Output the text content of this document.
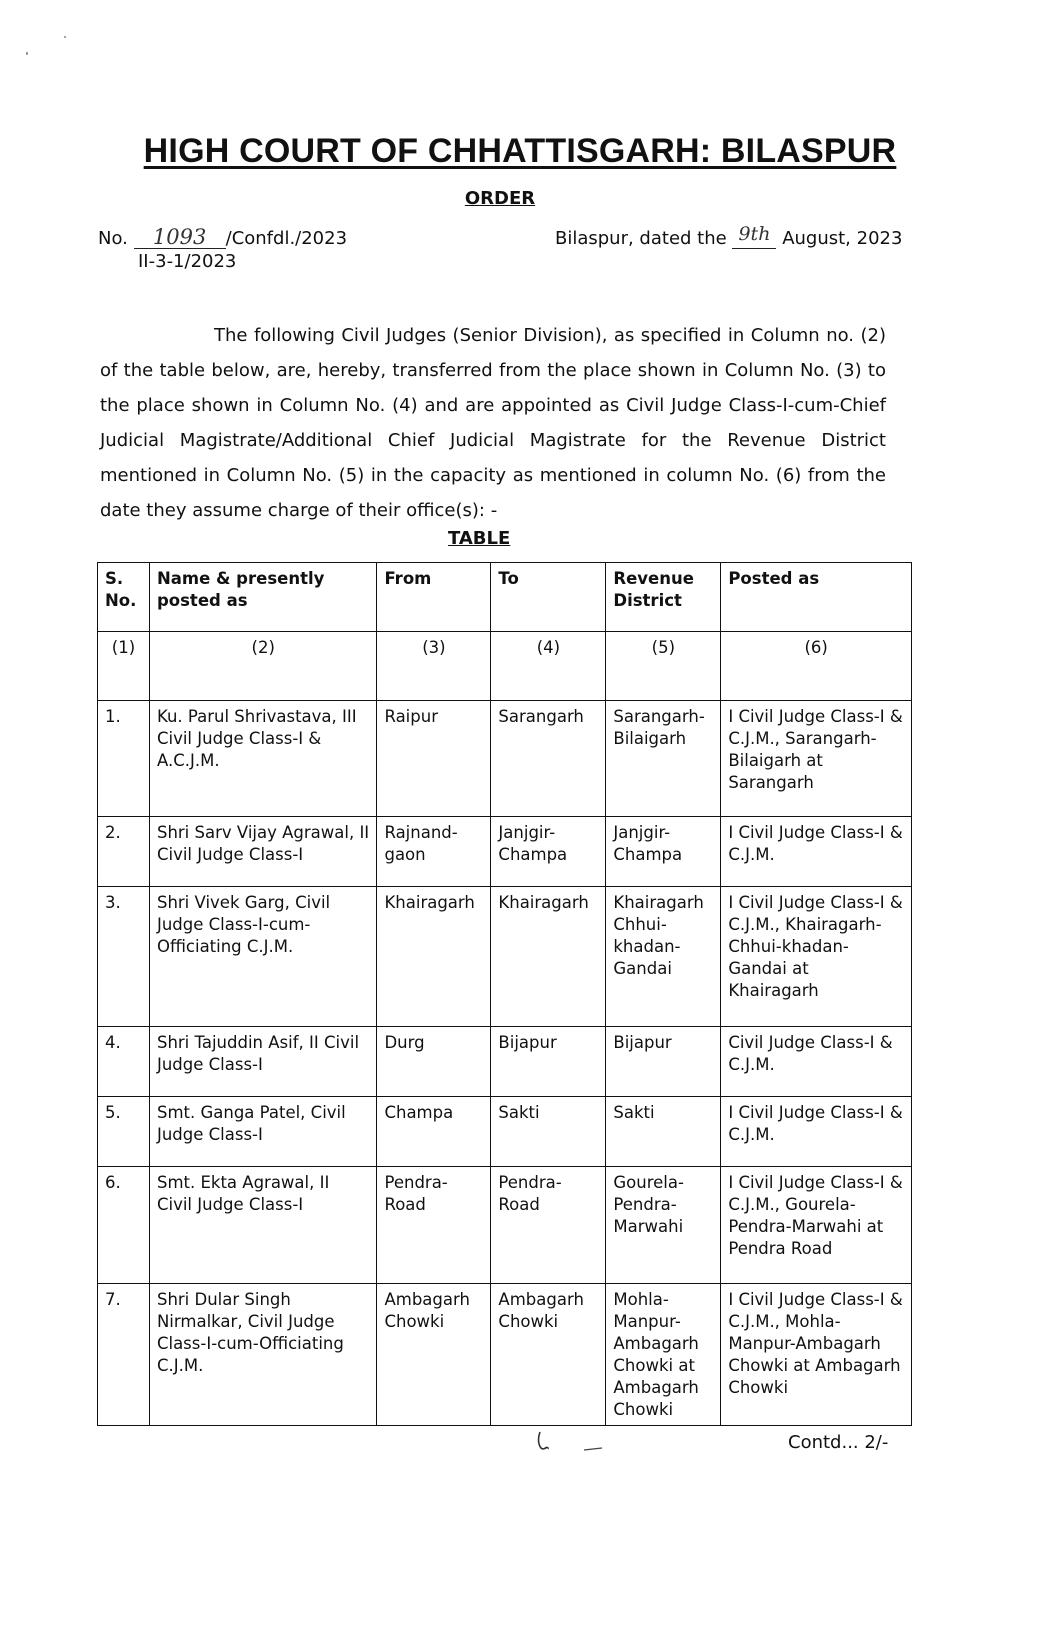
HIGH COURT OF CHHATTISGARH: BILASPUR
ORDER
No. 1093 /Confdl./2023
II-3-1/2023
Bilaspur, dated the 9th August, 2023
The following Civil Judges (Senior Division), as specified in Column no. (2) of the table below, are, hereby, transferred from the place shown in Column No. (3) to the place shown in Column No. (4) and are appointed as Civil Judge Class-I-cum-Chief Judicial Magistrate/Additional Chief Judicial Magistrate for the Revenue District mentioned in Column No. (5) in the capacity as mentioned in column No. (6) from the date they assume charge of their office(s): -
TABLE
S. No.	Name & presently posted as	From	To	Revenue District	Posted as
(1)	(2)	(3)	(4)	(5)	(6)
1.	Ku. Parul Shrivastava, III Civil Judge Class-I & A.C.J.M.	Raipur	Sarangarh	Sarangarh-Bilaigarh	I Civil Judge Class-I & C.J.M., Sarangarh-Bilaigarh at Sarangarh
2.	Shri Sarv Vijay Agrawal, II Civil Judge Class-I	Rajnand-gaon	Janjgir-Champa	Janjgir-Champa	I Civil Judge Class-I & C.J.M.
3.	Shri Vivek Garg, Civil Judge Class-I-cum-Officiating C.J.M.	Khairagarh	Khairagarh	Khairagarh Chhui-khadan-Gandai	I Civil Judge Class-I & C.J.M., Khairagarh-Chhui-khadan-Gandai at Khairagarh
4.	Shri Tajuddin Asif, II Civil Judge Class-I	Durg	Bijapur	Bijapur	Civil Judge Class-I & C.J.M.
5.	Smt. Ganga Patel, Civil Judge Class-I	Champa	Sakti	Sakti	I Civil Judge Class-I & C.J.M.
6.	Smt. Ekta Agrawal, II Civil Judge Class-I	Pendra-Road	Pendra-Road	Gourela-Pendra-Marwahi	I Civil Judge Class-I & C.J.M., Gourela-Pendra-Marwahi at Pendra Road
7.	Shri Dular Singh Nirmalkar, Civil Judge Class-I-cum-Officiating C.J.M.	Ambagarh Chowki	Ambagarh Chowki	Mohla-Manpur-Ambagarh Chowki at Ambagarh Chowki	I Civil Judge Class-I & C.J.M., Mohla-Manpur-Ambagarh Chowki at Ambagarh Chowki
Contd... 2/-
